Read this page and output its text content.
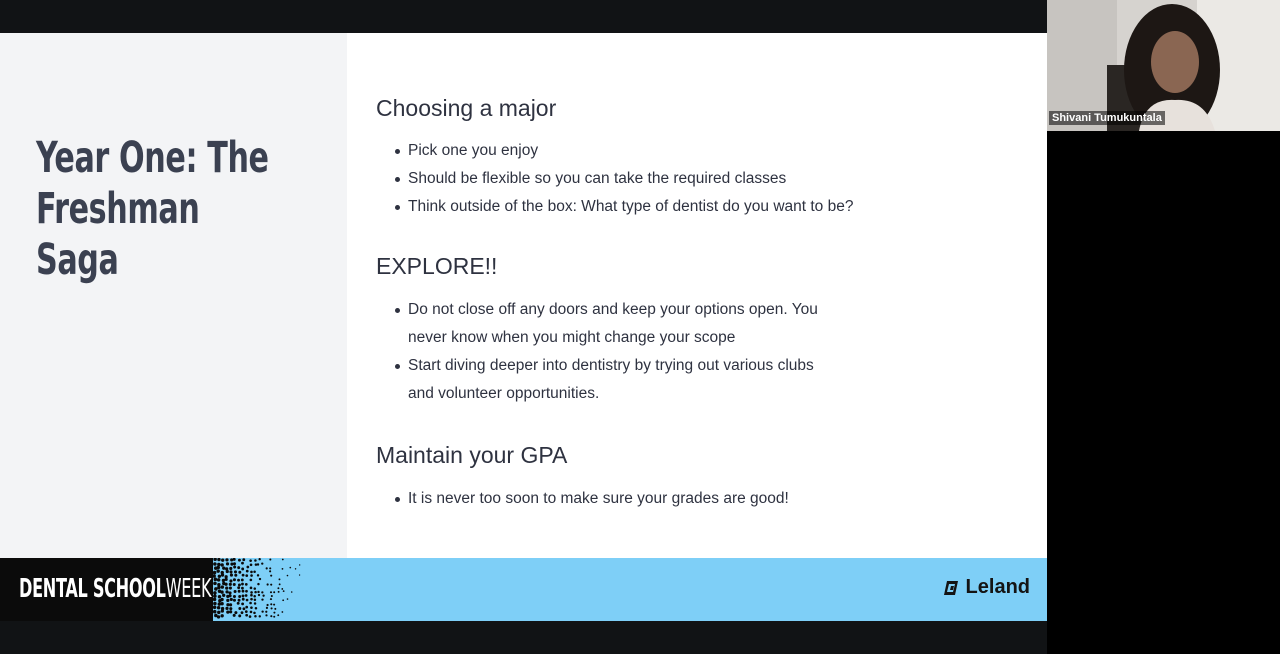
Year One: The Freshman Saga
Choosing a major
Pick one you enjoy
Should be flexible so you can take the required classes
Think outside of the box: What type of dentist do you want to be?
EXPLORE!!
Do not close off any doors and keep your options open. You
never know when you might change your scope
Start diving deeper into dentistry by trying out various clubs
and volunteer opportunities.
Maintain your GPA
It is never too soon to make sure your grades are good!
DENTAL SCHOOLWEEK	Leland
Shivani Tumukuntala
